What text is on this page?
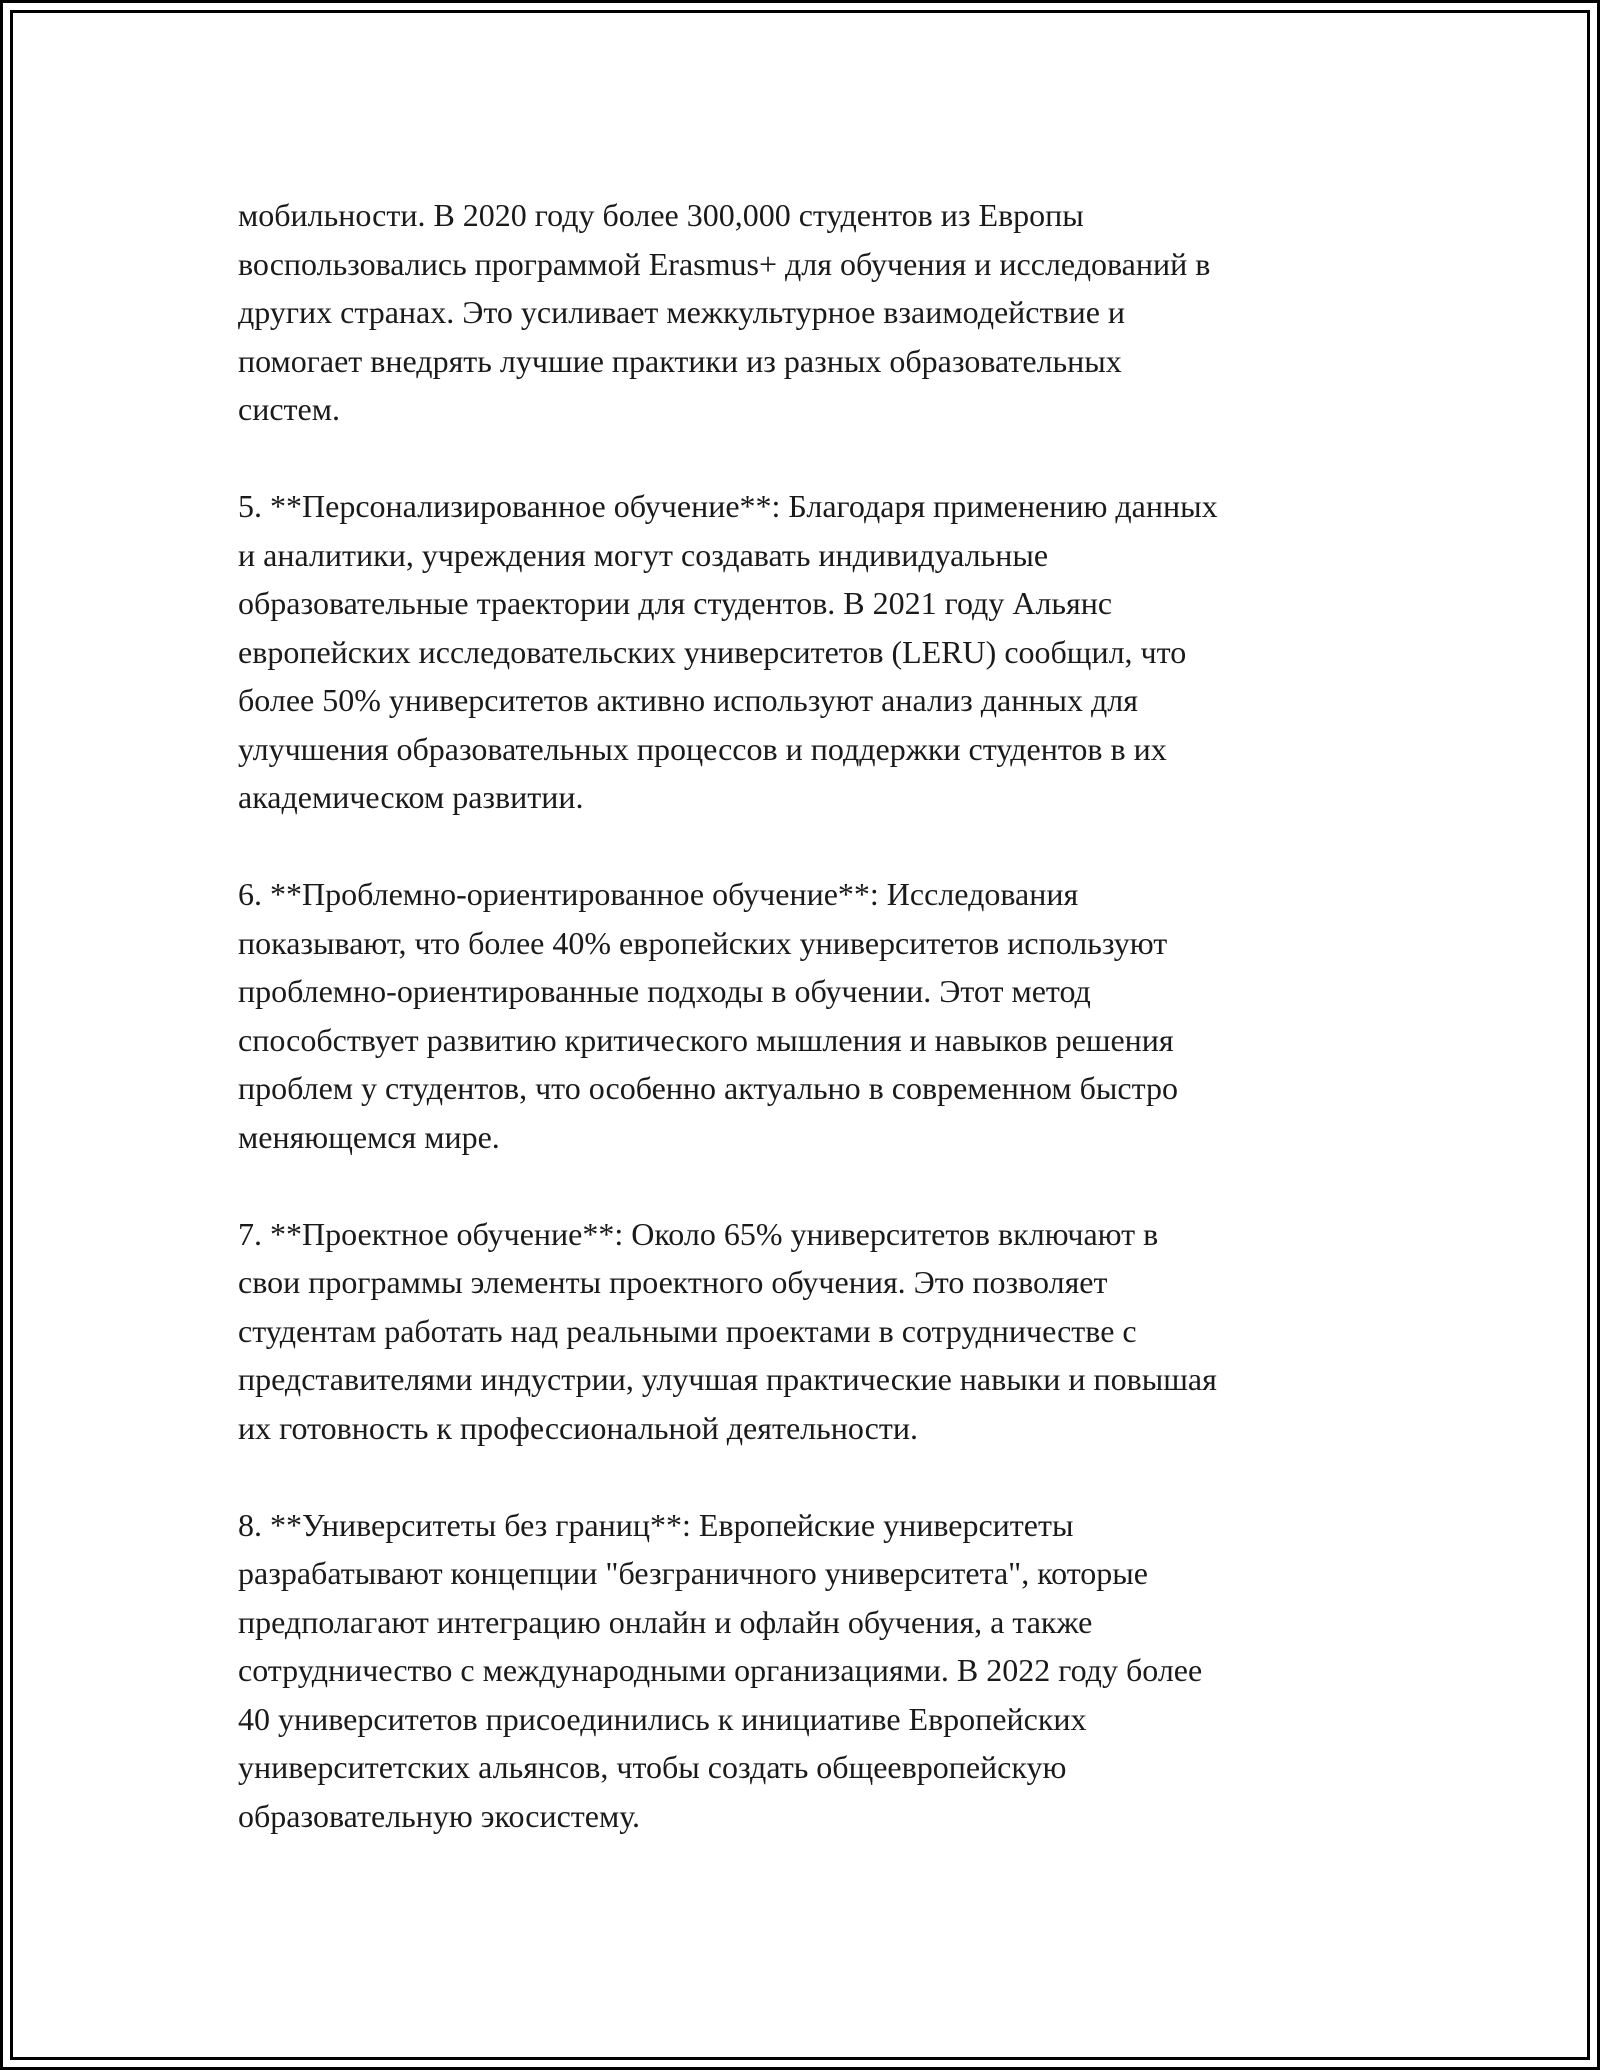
мобильности. В 2020 году более 300,000 студентов из Европы
воспользовались программой Erasmus+ для обучения и исследований в
других странах. Это усиливает межкультурное взаимодействие и
помогает внедрять лучшие практики из разных образовательных
систем.

5. **Персонализированное обучение**: Благодаря применению данных
и аналитики, учреждения могут создавать индивидуальные
образовательные траектории для студентов. В 2021 году Альянс
европейских исследовательских университетов (LERU) сообщил, что
более 50% университетов активно используют анализ данных для
улучшения образовательных процессов и поддержки студентов в их
академическом развитии.

6. **Проблемно-ориентированное обучение**: Исследования
показывают, что более 40% европейских университетов используют
проблемно-ориентированные подходы в обучении. Этот метод
способствует развитию критического мышления и навыков решения
проблем у студентов, что особенно актуально в современном быстро
меняющемся мире.

7. **Проектное обучение**: Около 65% университетов включают в
свои программы элементы проектного обучения. Это позволяет
студентам работать над реальными проектами в сотрудничестве с
представителями индустрии, улучшая практические навыки и повышая
их готовность к профессиональной деятельности.

8. **Университеты без границ**: Европейские университеты
разрабатывают концепции "безграничного университета", которые
предполагают интеграцию онлайн и офлайн обучения, а также
сотрудничество с международными организациями. В 2022 году более
40 университетов присоединились к инициативе Европейских
университетских альянсов, чтобы создать общеевропейскую
образовательную экосистему.
